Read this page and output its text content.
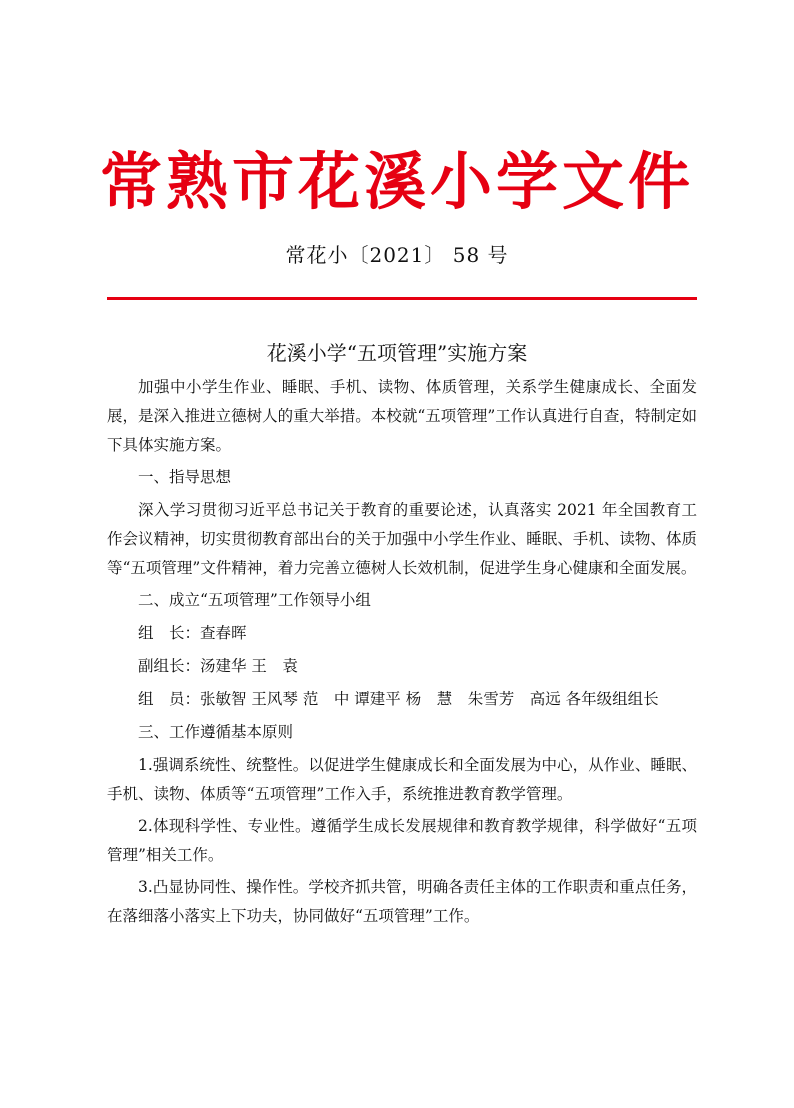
常熟市花溪小学文件
常花小〔2021〕 58 号
花溪小学“五项管理”实施方案

加强中小学生作业、睡眠、手机、读物、体质管理，关系学生健康成长、全面发展，是深入推进立德树人的重大举措。本校就“五项管理”工作认真进行自查，特制定如下具体实施方案。

一、指导思想

深入学习贯彻习近平总书记关于教育的重要论述，认真落实 2021 年全国教育工作会议精神，切实贯彻教育部出台的关于加强中小学生作业、睡眠、手机、读物、体质等“五项管理”文件精神，着力完善立德树人长效机制，促进学生身心健康和全面发展。

二、成立“五项管理”工作领导小组

组　长：查春晖

副组长：汤建华 王　袁

组　员：张敏智 王风琴 范　中 谭建平 杨　慧　朱雪芳　高远 各年级组组长

三、工作遵循基本原则

1.强调系统性、统整性。以促进学生健康成长和全面发展为中心，从作业、睡眠、手机、读物、体质等“五项管理”工作入手，系统推进教育教学管理。

2.体现科学性、专业性。遵循学生成长发展规律和教育教学规律，科学做好“五项管理”相关工作。

3.凸显协同性、操作性。学校齐抓共管，明确各责任主体的工作职责和重点任务，在落细落小落实上下功夫，协同做好“五项管理”工作。
